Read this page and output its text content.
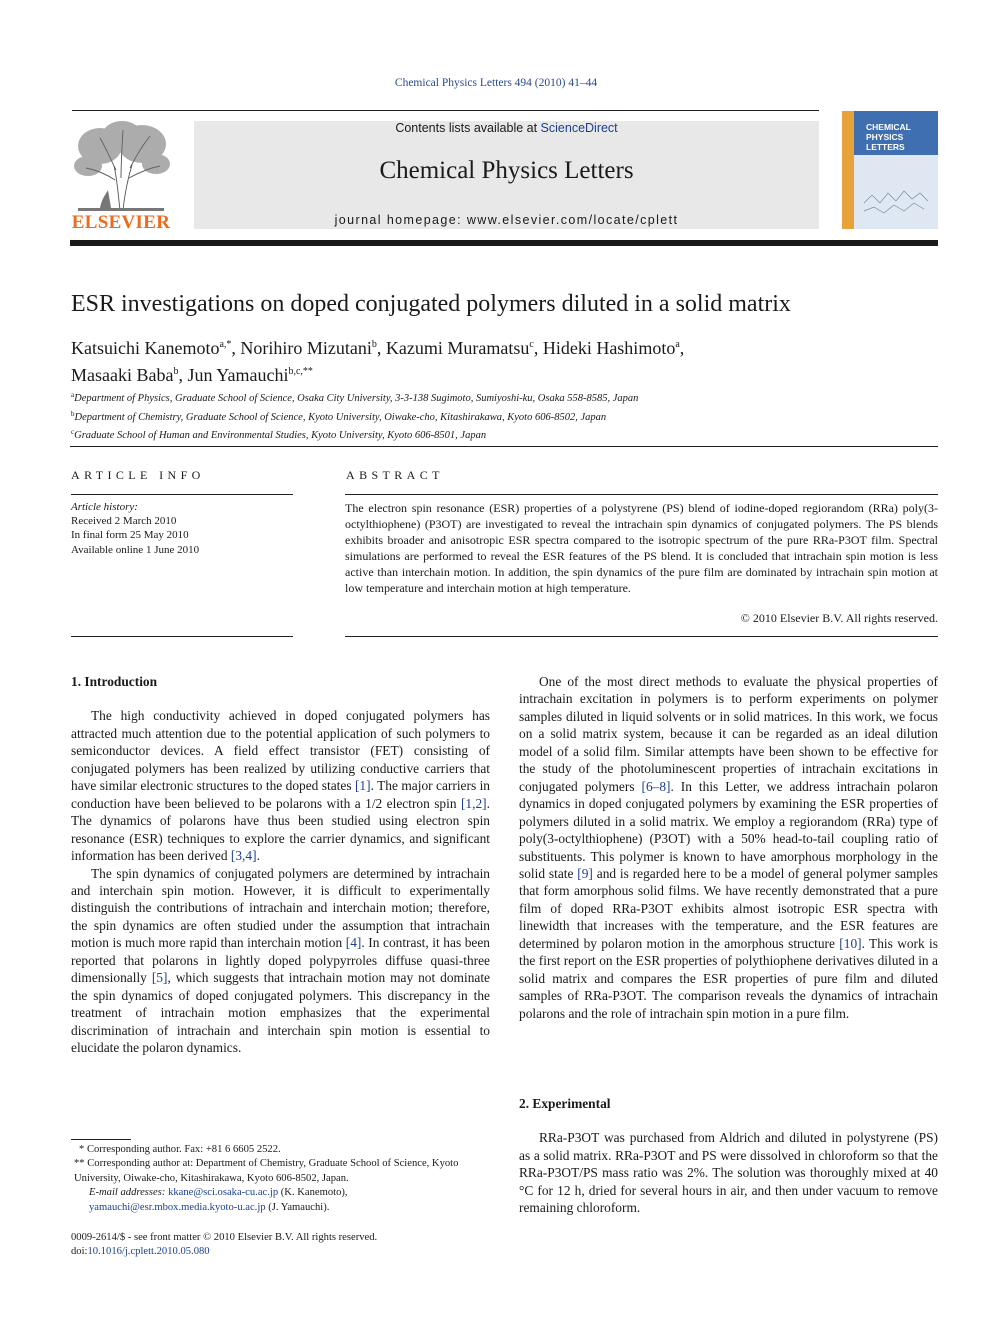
Chemical Physics Letters 494 (2010) 41–44
ELSEVIER
Contents lists available at ScienceDirect
Chemical Physics Letters
journal homepage: www.elsevier.com/locate/cplett
CHEMICAL
PHYSICS
LETTERS
ESR investigations on doped conjugated polymers diluted in a solid matrix
Katsuichi Kanemoto$^{a,*}$, Norihiro Mizutani$^b$, Kazumi Muramatsu$^c$, Hideki Hashimoto$^a$,
Masaaki Baba$^b$, Jun Yamauchi$^{b,c,**}$
$^a$Department of Physics, Graduate School of Science, Osaka City University, 3-3-138 Sugimoto, Sumiyoshi-ku, Osaka 558-8585, Japan
$^b$Department of Chemistry, Graduate School of Science, Kyoto University, Oiwake-cho, Kitashirakawa, Kyoto 606-8502, Japan
$^c$Graduate School of Human and Environmental Studies, Kyoto University, Kyoto 606-8501, Japan
ARTICLE INFO	ABSTRACT
Article history:
Received 2 March 2010
In final form 25 May 2010
Available online 1 June 2010
The electron spin resonance (ESR) properties of a polystyrene (PS) blend of iodine-doped regiorandom (RRa) poly(3-octylthiophene) (P3OT) are investigated to reveal the intrachain spin dynamics of conjugated polymers. The PS blends exhibits broader and anisotropic ESR spectra compared to the isotropic spectrum of the pure RRa-P3OT film. Spectral simulations are performed to reveal the ESR features of the PS blend. It is concluded that intrachain spin motion is less active than interchain motion. In addition, the spin dynamics of the pure film are dominated by intrachain spin motion at low temperature and interchain motion at high temperature.
© 2010 Elsevier B.V. All rights reserved.
1. Introduction

The high conductivity achieved in doped conjugated polymers has attracted much attention due to the potential application of such polymers to semiconductor devices. A field effect transistor (FET) consisting of conjugated polymers has been realized by utilizing conductive carriers that have similar electronic structures to the doped states [1]. The major carriers in conduction have been believed to be polarons with a 1/2 electron spin [1,2]. The dynamics of polarons have thus been studied using electron spin resonance (ESR) techniques to explore the carrier dynamics, and significant information has been derived [3,4].

The spin dynamics of conjugated polymers are determined by intrachain and interchain spin motion. However, it is difficult to experimentally distinguish the contributions of intrachain and interchain motion; therefore, the spin dynamics are often studied under the assumption that intrachain motion is much more rapid than interchain motion [4]. In contrast, it has been reported that polarons in lightly doped polypyrroles diffuse quasi-three dimensionally [5], which suggests that intrachain motion may not dominate the spin dynamics of doped conjugated polymers. This discrepancy in the treatment of intrachain motion emphasizes that the experimental discrimination of intrachain and interchain spin motion is essential to elucidate the polaron dynamics.

One of the most direct methods to evaluate the physical properties of intrachain excitation in polymers is to perform experiments on polymer samples diluted in liquid solvents or in solid matrices. In this work, we focus on a solid matrix system, because it can be regarded as an ideal dilution model of a solid film. Similar attempts have been shown to be effective for the study of the photoluminescent properties of intrachain excitations in conjugated polymers [6–8]. In this Letter, we address intrachain polaron dynamics in doped conjugated polymers by examining the ESR properties of polymers diluted in a solid matrix. We employ a regiorandom (RRa) type of poly(3-octylthiophene) (P3OT) with a 50% head-to-tail coupling ratio of substituents. This polymer is known to have amorphous morphology in the solid state [9] and is regarded here to be a model of general polymer samples that form amorphous solid films. We have recently demonstrated that a pure film of doped RRa-P3OT exhibits almost isotropic ESR spectra with linewidth that increases with the temperature, and the ESR features are determined by polaron motion in the amorphous structure [10]. This work is the first report on the ESR properties of polythiophene derivatives diluted in a solid matrix and compares the ESR properties of pure film and diluted samples of RRa-P3OT. The comparison reveals the dynamics of intrachain polarons and the role of intrachain spin motion in a pure film.

2. Experimental

RRa-P3OT was purchased from Aldrich and diluted in polystyrene (PS) as a solid matrix. RRa-P3OT and PS were dissolved in chloroform so that the RRa-P3OT/PS mass ratio was 2%. The solution was thoroughly mixed at 40 °C for 12 h, dried for several hours in air, and then under vacuum to remove remaining chloroform.

* Corresponding author. Fax: +81 6 6605 2522.
** Corresponding author at: Department of Chemistry, Graduate School of Science, Kyoto University, Oiwake-cho, Kitashirakawa, Kyoto 606-8502, Japan.
E-mail addresses: kkane@sci.osaka-cu.ac.jp (K. Kanemoto), yamauchi@esr.mbox.media.kyoto-u.ac.jp (J. Yamauchi).
0009-2614/$ - see front matter © 2010 Elsevier B.V. All rights reserved.
doi:10.1016/j.cplett.2010.05.080
